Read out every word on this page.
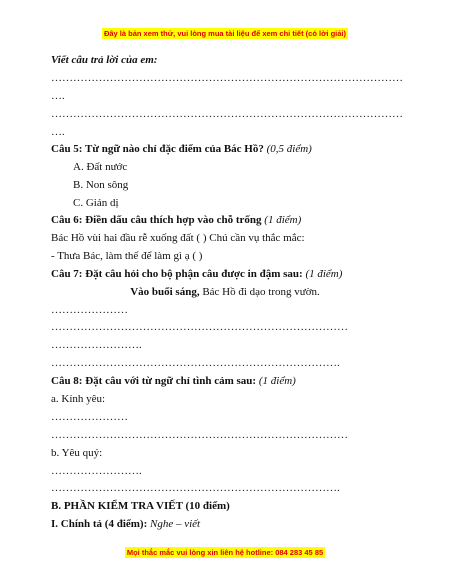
Đây là bản xem thử, vui lòng mua tài liệu để xem chi tiết (có lời giải)
Viết câu trả lời của em:
……………………………………………………………………………………
….
……………………………………………………………………………………
….
Câu 5: Từ ngữ nào chỉ đặc điểm của Bác Hồ? (0,5 điểm)
A. Đất nước
B. Non sông
C. Giản dị
Câu 6: Điền dấu câu thích hợp vào chỗ trống (1 điểm)
Bác Hồ vùi hai đầu rễ xuống đất ( ) Chú cần vụ thắc mắc:
- Thưa Bác, làm thế để làm gì ạ ( )
Câu 7: Đặt câu hỏi cho bộ phận câu được in đậm sau: (1 điểm)
Vào buổi sáng, Bác Hồ đi dạo trong vườn.
…………………
………………………………………………………………………
…………………….
…………………………………………………………………….
Câu 8: Đặt câu với từ ngữ chỉ tình cảm sau: (1 điểm)
a. Kính yêu:
…………………
………………………………………………………………………
b. Yêu quý:
…………………….
…………………………………………………………………….
B. PHẦN KIỂM TRA VIẾT (10 điểm)
I. Chính tả (4 điểm): Nghe – viết
Mọi thắc mắc vui lòng xin liên hệ hotline: 084 283 45 85
